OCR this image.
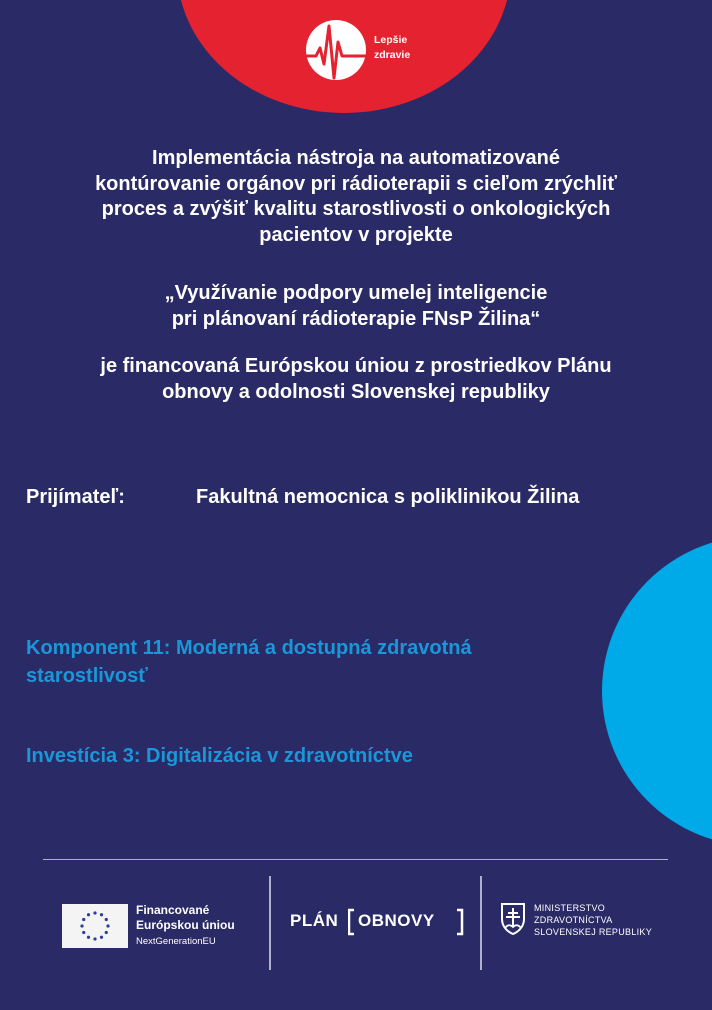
Lepšie
zdravie
Implementácia nástroja na automatizované
kontúrovanie orgánov pri rádioterapii s cieľom zrýchliť
proces a zvýšiť kvalitu starostlivosti o onkologických
pacientov v projekte
„Využívanie podpory umelej inteligencie
pri plánovaní rádioterapie FNsP Žilina“
je financovaná Európskou úniou z prostriedkov Plánu
obnovy a odolnosti Slovenskej republiky
Prijímateľ:	Fakultná nemocnica s poliklinikou Žilina
Komponent 11: Moderná a dostupná zdravotná
starostlivosť
Investícia 3: Digitalizácia v zdravotníctve
Financované
Európskou úniou
NextGenerationEU
PLÁN OBNOVY
MINISTERSTVO
ZDRAVOTNÍCTVA
SLOVENSKEJ REPUBLIKY
